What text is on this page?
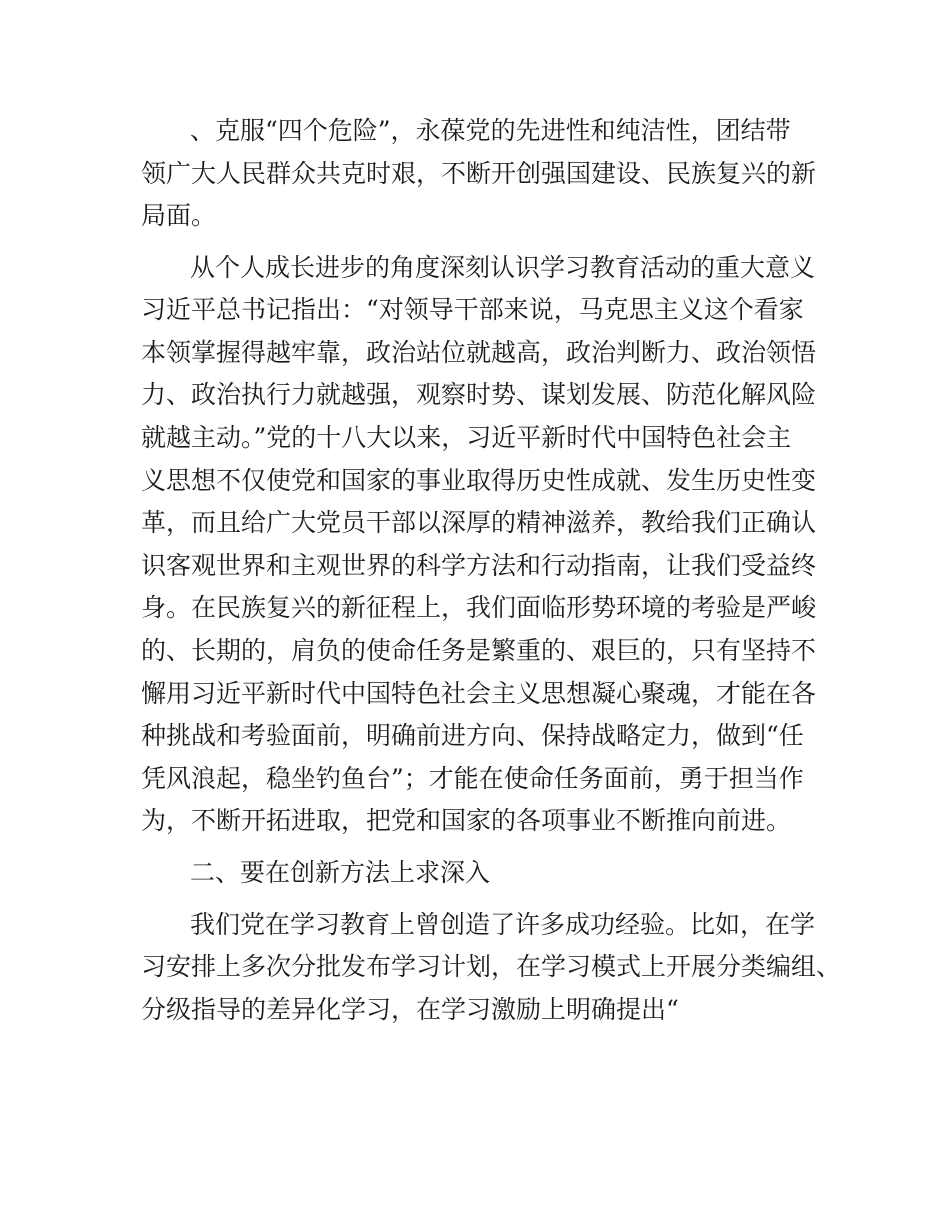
、克服“四个危险”，永葆党的先进性和纯洁性，团结带
领广大人民群众共克时艰，不断开创强国建设、民族复兴的新
局面。
从个人成长进步的角度深刻认识学习教育活动的重大意义
习近平总书记指出：“对领导干部来说，马克思主义这个看家
本领掌握得越牢靠，政治站位就越高，政治判断力、政治领悟
力、政治执行力就越强，观察时势、谋划发展、防范化解风险
就越主动。”党的十八大以来，习近平新时代中国特色社会主
义思想不仅使党和国家的事业取得历史性成就、发生历史性变
革，而且给广大党员干部以深厚的精神滋养，教给我们正确认
识客观世界和主观世界的科学方法和行动指南，让我们受益终
身。在民族复兴的新征程上，我们面临形势环境的考验是严峻
的、长期的，肩负的使命任务是繁重的、艰巨的，只有坚持不
懈用习近平新时代中国特色社会主义思想凝心聚魂，才能在各
种挑战和考验面前，明确前进方向、保持战略定力，做到“任
凭风浪起，稳坐钓鱼台”；才能在使命任务面前，勇于担当作
为，不断开拓进取，把党和国家的各项事业不断推向前进。
二、要在创新方法上求深入
我们党在学习教育上曾创造了许多成功经验。比如，在学
习安排上多次分批发布学习计划，在学习模式上开展分类编组、
分级指导的差异化学习，在学习激励上明确提出“
